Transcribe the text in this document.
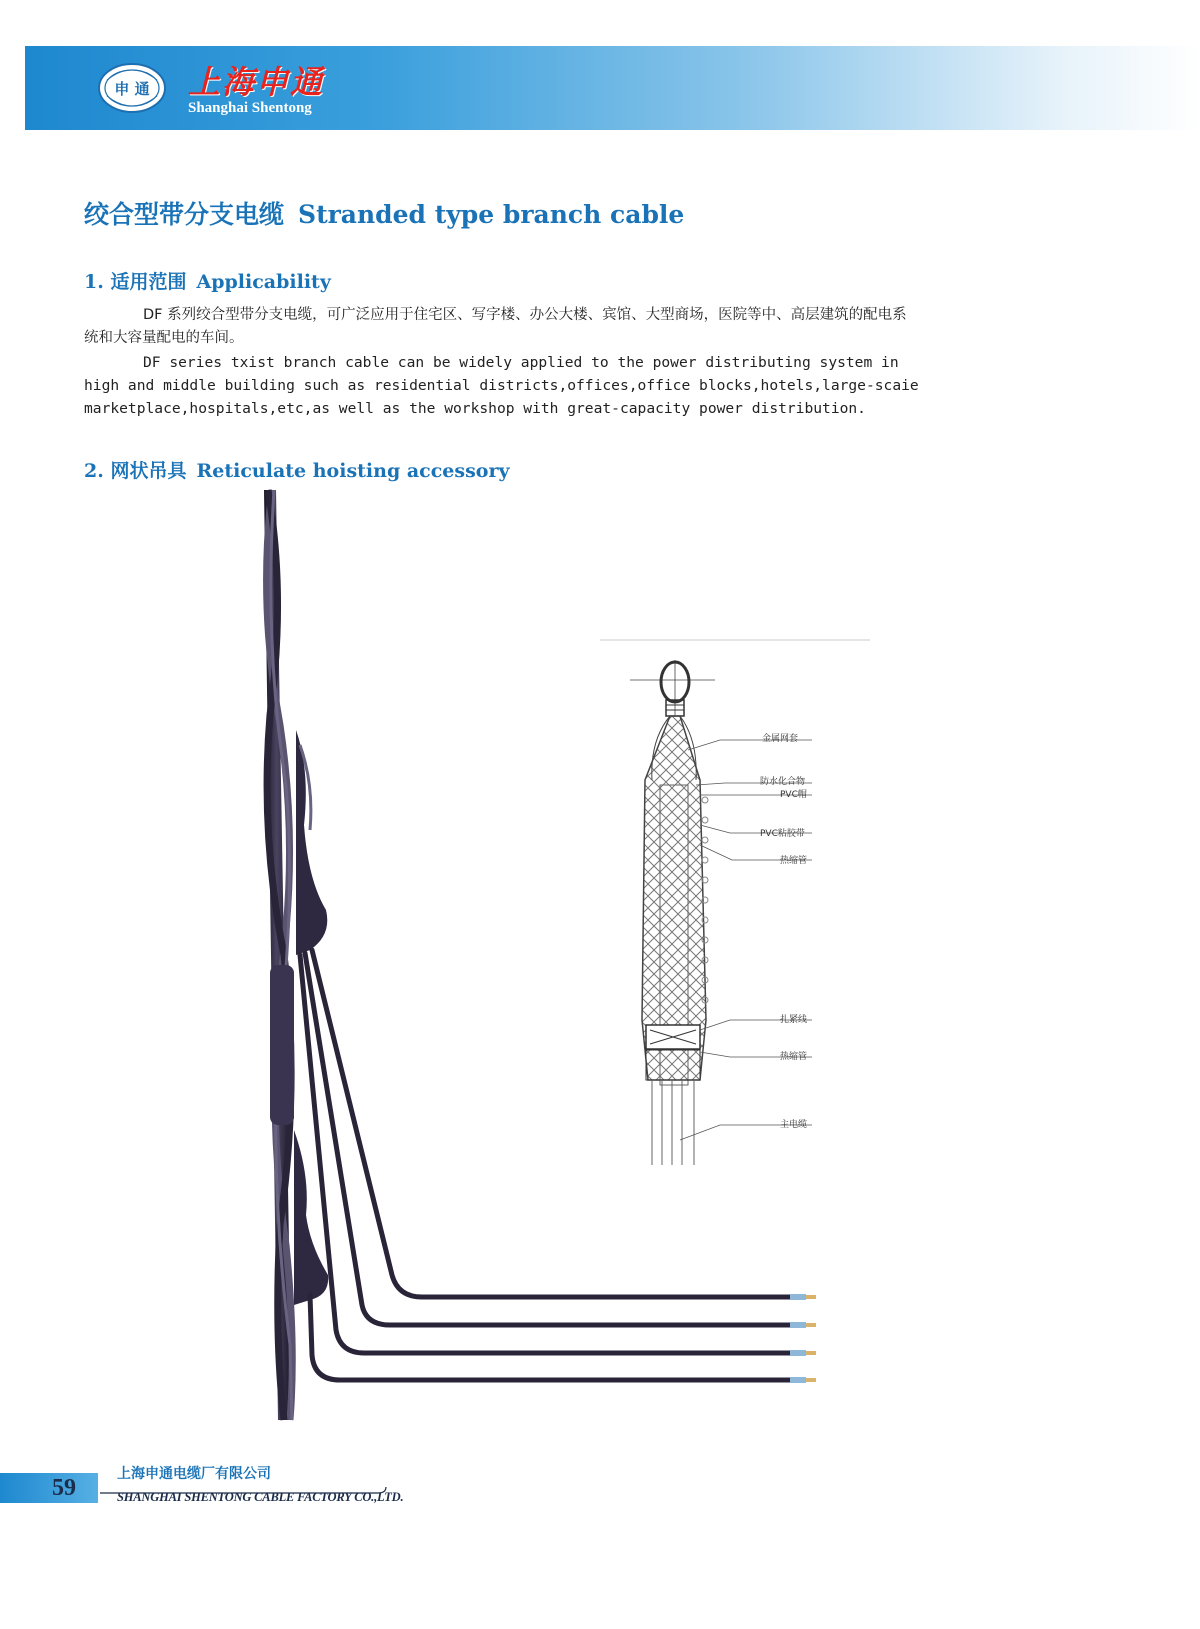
申 通 上海申通
Shanghai Shentong
绞合型带分支电缆 Stranded type branch cable
1. 适用范围 Applicability

DF 系列绞合型带分支电缆，可广泛应用于住宅区、写字楼、办公大楼、宾馆、大型商场，医院等中、高层建筑的配电系统和大容量配电的车间。

DF series txist branch cable can be widely applied to the power distributing system in high and middle building such as residential districts,offices,office blocks,hotels,large-scaie marketplace,hospitals,etc,as well as the workshop with great-capacity power distribution.

2. 网状吊具 Reticulate hoisting accessory
金属网套
防水化合物
PVC帽
PVC粘胶带
热缩管
扎紧线
热缩管
主电缆
59
上海申通电缆厂有限公司
SHANGHAI SHENTONG CABLE FACTORY CO.,LTD.
